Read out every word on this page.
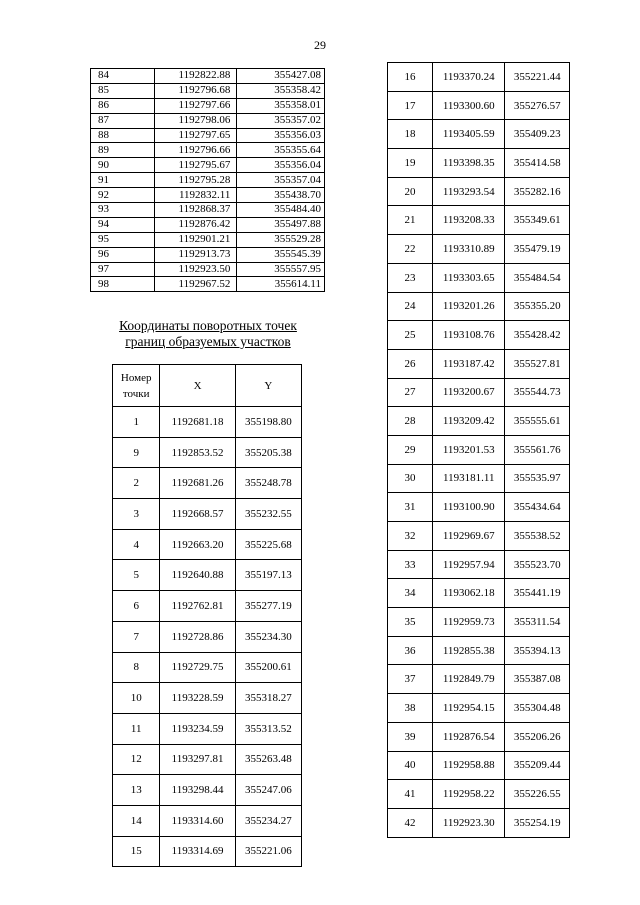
29
84	1192822.88	355427.08
85	1192796.68	355358.42
86	1192797.66	355358.01
87	1192798.06	355357.02
88	1192797.65	355356.03
89	1192796.66	355355.64
90	1192795.67	355356.04
91	1192795.28	355357.04
92	1192832.11	355438.70
93	1192868.37	355484.40
94	1192876.42	355497.88
95	1192901.21	355529.28
96	1192913.73	355545.39
97	1192923.50	355557.95
98	1192967.52	355614.11
Координаты поворотных точек
границ образуемых участков
Номер точки	X	Y
1	1192681.18	355198.80
9	1192853.52	355205.38
2	1192681.26	355248.78
3	1192668.57	355232.55
4	1192663.20	355225.68
5	1192640.88	355197.13
6	1192762.81	355277.19
7	1192728.86	355234.30
8	1192729.75	355200.61
10	1193228.59	355318.27
11	1193234.59	355313.52
12	1193297.81	355263.48
13	1193298.44	355247.06
14	1193314.60	355234.27
15	1193314.69	355221.06
16	1193370.24	355221.44
17	1193300.60	355276.57
18	1193405.59	355409.23
19	1193398.35	355414.58
20	1193293.54	355282.16
21	1193208.33	355349.61
22	1193310.89	355479.19
23	1193303.65	355484.54
24	1193201.26	355355.20
25	1193108.76	355428.42
26	1193187.42	355527.81
27	1193200.67	355544.73
28	1193209.42	355555.61
29	1193201.53	355561.76
30	1193181.11	355535.97
31	1193100.90	355434.64
32	1192969.67	355538.52
33	1192957.94	355523.70
34	1193062.18	355441.19
35	1192959.73	355311.54
36	1192855.38	355394.13
37	1192849.79	355387.08
38	1192954.15	355304.48
39	1192876.54	355206.26
40	1192958.88	355209.44
41	1192958.22	355226.55
42	1192923.30	355254.19
